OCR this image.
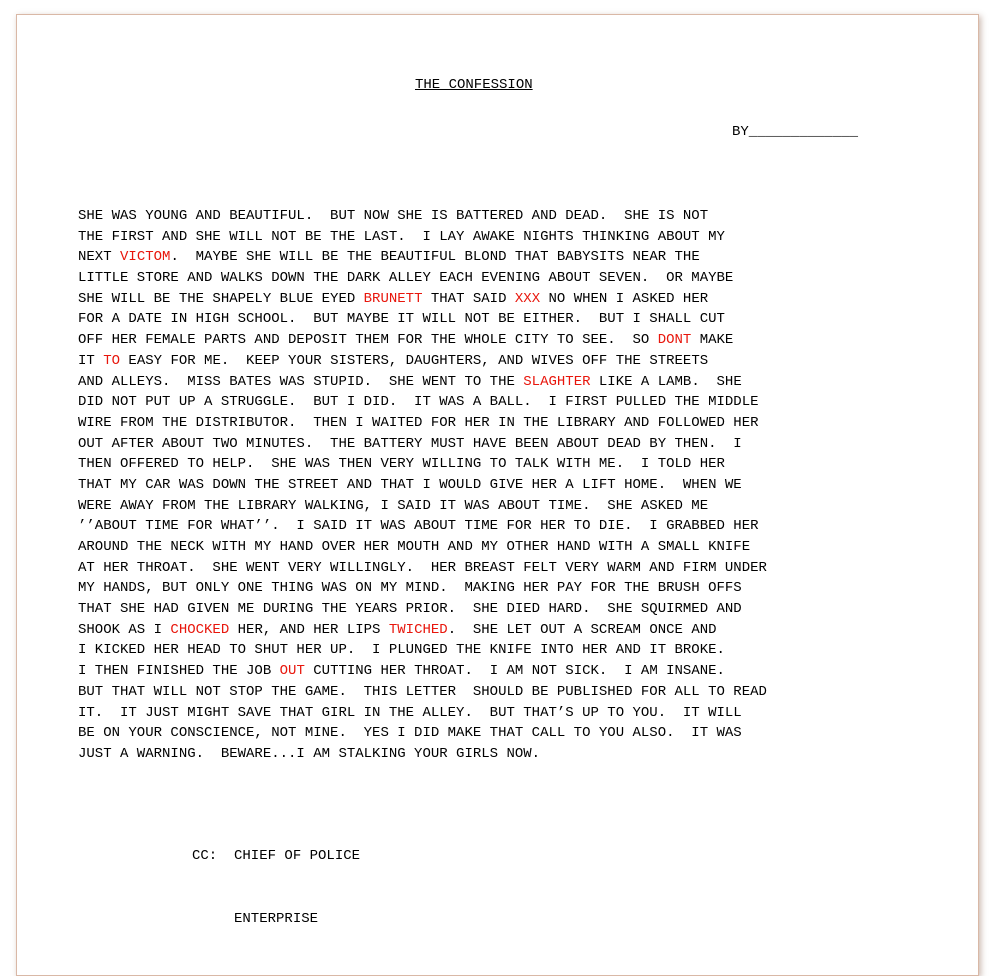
THE CONFESSION
BY_____________
SHE WAS YOUNG AND BEAUTIFUL.  BUT NOW SHE IS BATTERED AND DEAD.  SHE IS NOT
THE FIRST AND SHE WILL NOT BE THE LAST.  I LAY AWAKE NIGHTS THINKING ABOUT MY
NEXT VICTOM.  MAYBE SHE WILL BE THE BEAUTIFUL BLOND THAT BABYSITS NEAR THE
LITTLE STORE AND WALKS DOWN THE DARK ALLEY EACH EVENING ABOUT SEVEN.  OR MAYBE
SHE WILL BE THE SHAPELY BLUE EYED BRUNETT THAT SAID XXX NO WHEN I ASKED HER
FOR A DATE IN HIGH SCHOOL.  BUT MAYBE IT WILL NOT BE EITHER.  BUT I SHALL CUT
OFF HER FEMALE PARTS AND DEPOSIT THEM FOR THE WHOLE CITY TO SEE.  SO DONT MAKE
IT TO EASY FOR ME.  KEEP YOUR SISTERS, DAUGHTERS, AND WIVES OFF THE STREETS
AND ALLEYS.  MISS BATES WAS STUPID.  SHE WENT TO THE SLAGHTER LIKE A LAMB.  SHE
DID NOT PUT UP A STRUGGLE.  BUT I DID.  IT WAS A BALL.  I FIRST PULLED THE MIDDLE
WIRE FROM THE DISTRIBUTOR.  THEN I WAITED FOR HER IN THE LIBRARY AND FOLLOWED HER
OUT AFTER ABOUT TWO MINUTES.  THE BATTERY MUST HAVE BEEN ABOUT DEAD BY THEN.  I
THEN OFFERED TO HELP.  SHE WAS THEN VERY WILLING TO TALK WITH ME.  I TOLD HER
THAT MY CAR WAS DOWN THE STREET AND THAT I WOULD GIVE HER A LIFT HOME.  WHEN WE
WERE AWAY FROM THE LIBRARY WALKING, I SAID IT WAS ABOUT TIME.  SHE ASKED ME
’’ABOUT TIME FOR WHAT’’.  I SAID IT WAS ABOUT TIME FOR HER TO DIE.  I GRABBED HER
AROUND THE NECK WITH MY HAND OVER HER MOUTH AND MY OTHER HAND WITH A SMALL KNIFE
AT HER THROAT.  SHE WENT VERY WILLINGLY.  HER BREAST FELT VERY WARM AND FIRM UNDER
MY HANDS, BUT ONLY ONE THING WAS ON MY MIND.  MAKING HER PAY FOR THE BRUSH OFFS
THAT SHE HAD GIVEN ME DURING THE YEARS PRIOR.  SHE DIED HARD.  SHE SQUIRMED AND
SHOOK AS I CHOCKED HER, AND HER LIPS TWICHED.  SHE LET OUT A SCREAM ONCE AND
I KICKED HER HEAD TO SHUT HER UP.  I PLUNGED THE KNIFE INTO HER AND IT BROKE.
I THEN FINISHED THE JOB OUT CUTTING HER THROAT.  I AM NOT SICK.  I AM INSANE.
BUT THAT WILL NOT STOP THE GAME.  THIS LETTER  SHOULD BE PUBLISHED FOR ALL TO READ
IT.  IT JUST MIGHT SAVE THAT GIRL IN THE ALLEY.  BUT THAT’S UP TO YOU.  IT WILL
BE ON YOUR CONSCIENCE, NOT MINE.  YES I DID MAKE THAT CALL TO YOU ALSO.  IT WAS
JUST A WARNING.  BEWARE...I AM STALKING YOUR GIRLS NOW.

CC:  CHIEF OF POLICE

ENTERPRISE
